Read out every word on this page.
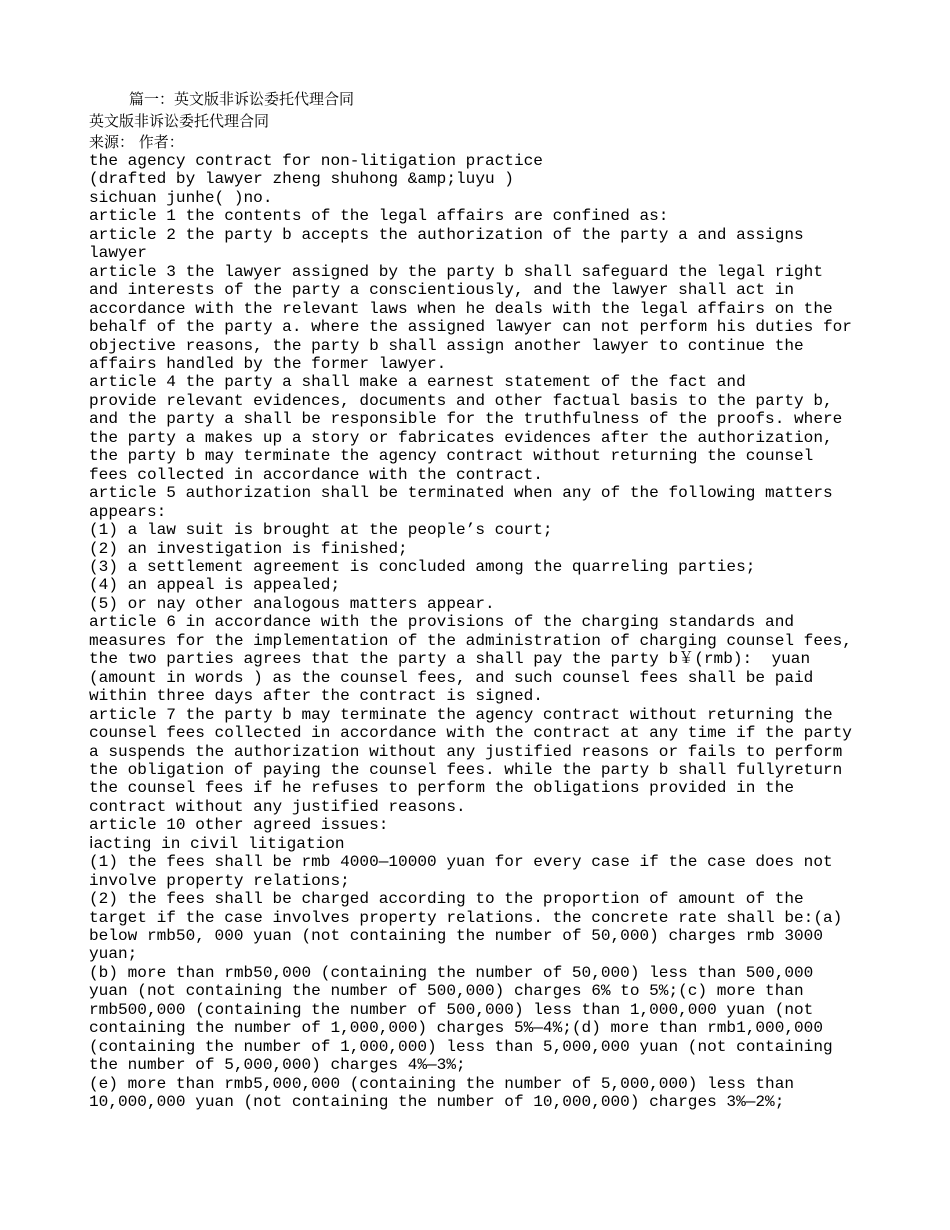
篇一：英文版非诉讼委托代理合同

英文版非诉讼委托代理合同

来源： 作者：

the agency contract for non-litigation practice

(drafted by lawyer zheng shuhong &amp;luyu )

sichuan junhe( )no.

article 1 the contents of the legal affairs are confined as:

article 2 the party b accepts the authorization of the party a and assigns

lawyer

article 3 the lawyer assigned by the party b shall safeguard the legal right

and interests of the party a conscientiously, and the lawyer shall act in

accordance with the relevant laws when he deals with the legal affairs on the

behalf of the party a. where the assigned lawyer can not perform his duties for

objective reasons, the party b shall assign another lawyer to continue the

affairs handled by the former lawyer.

article 4 the party a shall make a earnest statement of the fact and

provide relevant evidences, documents and other factual basis to the party b,

and the party a shall be responsible for the truthfulness of the proofs. where

the party a makes up a story or fabricates evidences after the authorization,

the party b may terminate the agency contract without returning the counsel

fees collected in accordance with the contract.

article 5 authorization shall be terminated when any of the following matters

appears:

(1) a law suit is brought at the people’s court;

(2) an investigation is finished;

(3) a settlement agreement is concluded among the quarreling parties;

(4) an appeal is appealed;

(5) or nay other analogous matters appear.

article 6 in accordance with the provisions of the charging standards and

measures for the implementation of the administration of charging counsel fees,

the two parties agrees that the party a shall pay the party b￥(rmb):  yuan

(amount in words ) as the counsel fees, and such counsel fees shall be paid

within three days after the contract is signed.

article 7 the party b may terminate the agency contract without returning the

counsel fees collected in accordance with the contract at any time if the party

a suspends the authorization without any justified reasons or fails to perform

the obligation of paying the counsel fees. while the party b shall fullyreturn

the counsel fees if he refuses to perform the obligations provided in the

contract without any justified reasons.

article 10 other agreed issues:

ⅰacting in civil litigation

(1) the fees shall be rmb 4000—10000 yuan for every case if the case does not

involve property relations;

(2) the fees shall be charged according to the proportion of amount of the

target if the case involves property relations. the concrete rate shall be:(a)

below rmb50, 000 yuan (not containing the number of 50,000) charges rmb 3000

yuan;

(b) more than rmb50,000 (containing the number of 50,000) less than 500,000

yuan (not containing the number of 500,000) charges 6% to 5%;(c) more than

rmb500,000 (containing the number of 500,000) less than 1,000,000 yuan (not

containing the number of 1,000,000) charges 5%—4%;(d) more than rmb1,000,000

(containing the number of 1,000,000) less than 5,000,000 yuan (not containing

the number of 5,000,000) charges 4%—3%;

(e) more than rmb5,000,000 (containing the number of 5,000,000) less than

10,000,000 yuan (not containing the number of 10,000,000) charges 3%—2%;
